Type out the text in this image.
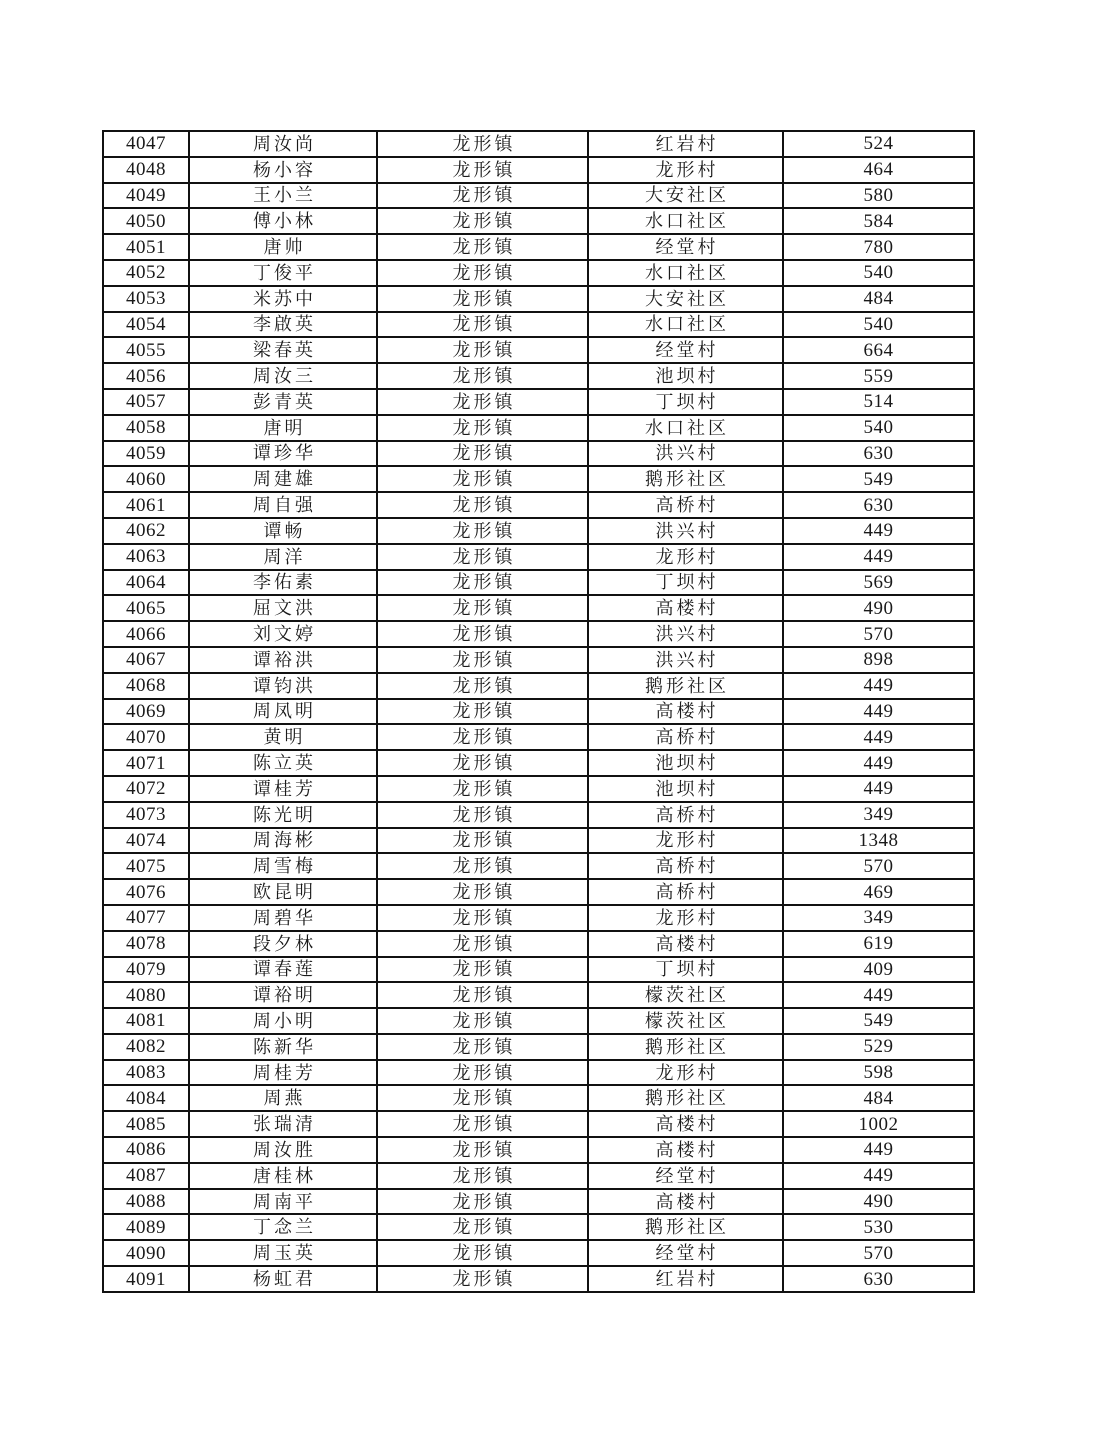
4047	周汝尚	龙形镇	红岩村	524
4048	杨小容	龙形镇	龙形村	464
4049	王小兰	龙形镇	大安社区	580
4050	傅小林	龙形镇	水口社区	584
4051	唐帅	龙形镇	经堂村	780
4052	丁俊平	龙形镇	水口社区	540
4053	米苏中	龙形镇	大安社区	484
4054	李啟英	龙形镇	水口社区	540
4055	梁春英	龙形镇	经堂村	664
4056	周汝三	龙形镇	池坝村	559
4057	彭青英	龙形镇	丁坝村	514
4058	唐明	龙形镇	水口社区	540
4059	谭珍华	龙形镇	洪兴村	630
4060	周建雄	龙形镇	鹅形社区	549
4061	周自强	龙形镇	高桥村	630
4062	谭畅	龙形镇	洪兴村	449
4063	周洋	龙形镇	龙形村	449
4064	李佑素	龙形镇	丁坝村	569
4065	屈文洪	龙形镇	高楼村	490
4066	刘文婷	龙形镇	洪兴村	570
4067	谭裕洪	龙形镇	洪兴村	898
4068	谭钧洪	龙形镇	鹅形社区	449
4069	周凤明	龙形镇	高楼村	449
4070	黄明	龙形镇	高桥村	449
4071	陈立英	龙形镇	池坝村	449
4072	谭桂芳	龙形镇	池坝村	449
4073	陈光明	龙形镇	高桥村	349
4074	周海彬	龙形镇	龙形村	1348
4075	周雪梅	龙形镇	高桥村	570
4076	欧昆明	龙形镇	高桥村	469
4077	周碧华	龙形镇	龙形村	349
4078	段夕林	龙形镇	高楼村	619
4079	谭春莲	龙形镇	丁坝村	409
4080	谭裕明	龙形镇	檬茨社区	449
4081	周小明	龙形镇	檬茨社区	549
4082	陈新华	龙形镇	鹅形社区	529
4083	周桂芳	龙形镇	龙形村	598
4084	周燕	龙形镇	鹅形社区	484
4085	张瑞清	龙形镇	高楼村	1002
4086	周汝胜	龙形镇	高楼村	449
4087	唐桂林	龙形镇	经堂村	449
4088	周南平	龙形镇	高楼村	490
4089	丁念兰	龙形镇	鹅形社区	530
4090	周玉英	龙形镇	经堂村	570
4091	杨虹君	龙形镇	红岩村	630
